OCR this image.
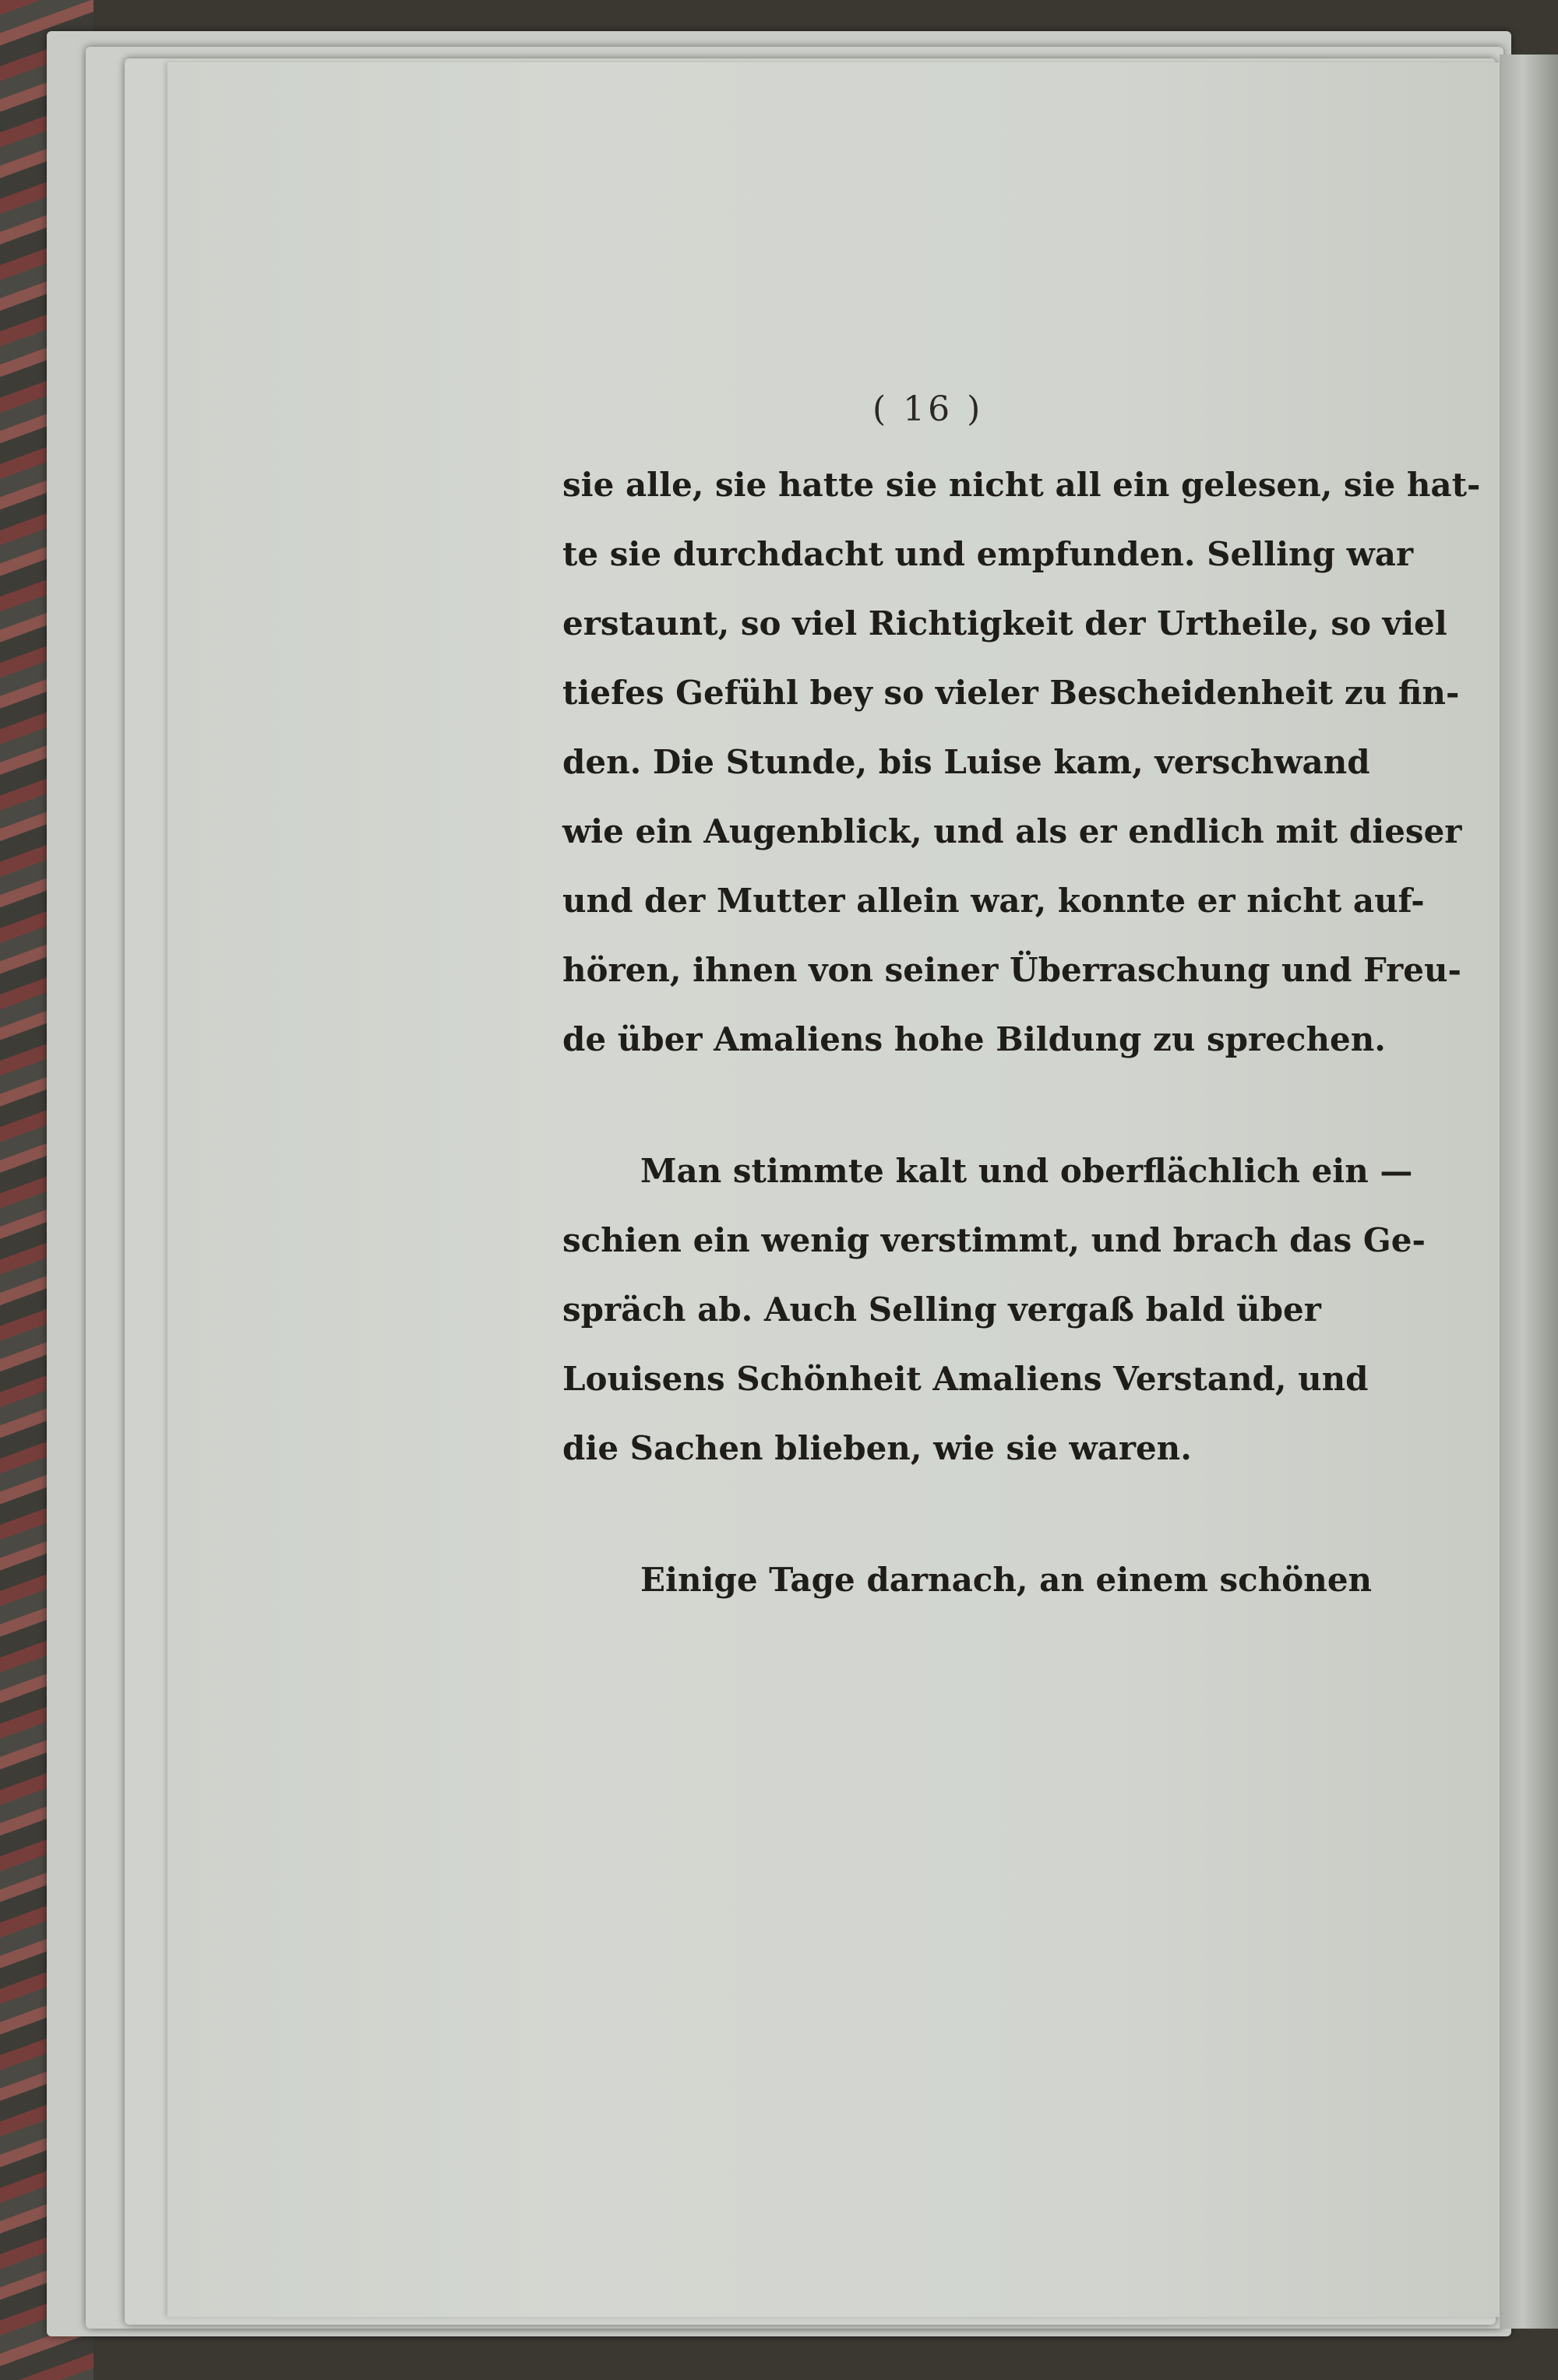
( 16 )
sie alle, sie hatte sie nicht all ein gelesen, sie hat-
te sie durchdacht und empfunden. Selling war
erstaunt, so viel Richtigkeit der Urtheile, so viel
tiefes Gefühl bey so vieler Bescheidenheit zu fin-
den. Die Stunde, bis Luise kam, verschwand
wie ein Augenblick, und als er endlich mit dieser
und der Mutter allein war, konnte er nicht auf-
hören, ihnen von seiner Überraschung und Freu-
de über Amaliens hohe Bildung zu sprechen.
Man stimmte kalt und oberflächlich ein —
schien ein wenig verstimmt, und brach das Ge-
spräch ab. Auch Selling vergaß bald über
Louisens Schönheit Amaliens Verstand, und
die Sachen blieben, wie sie waren.
Einige Tage darnach, an einem schönen
